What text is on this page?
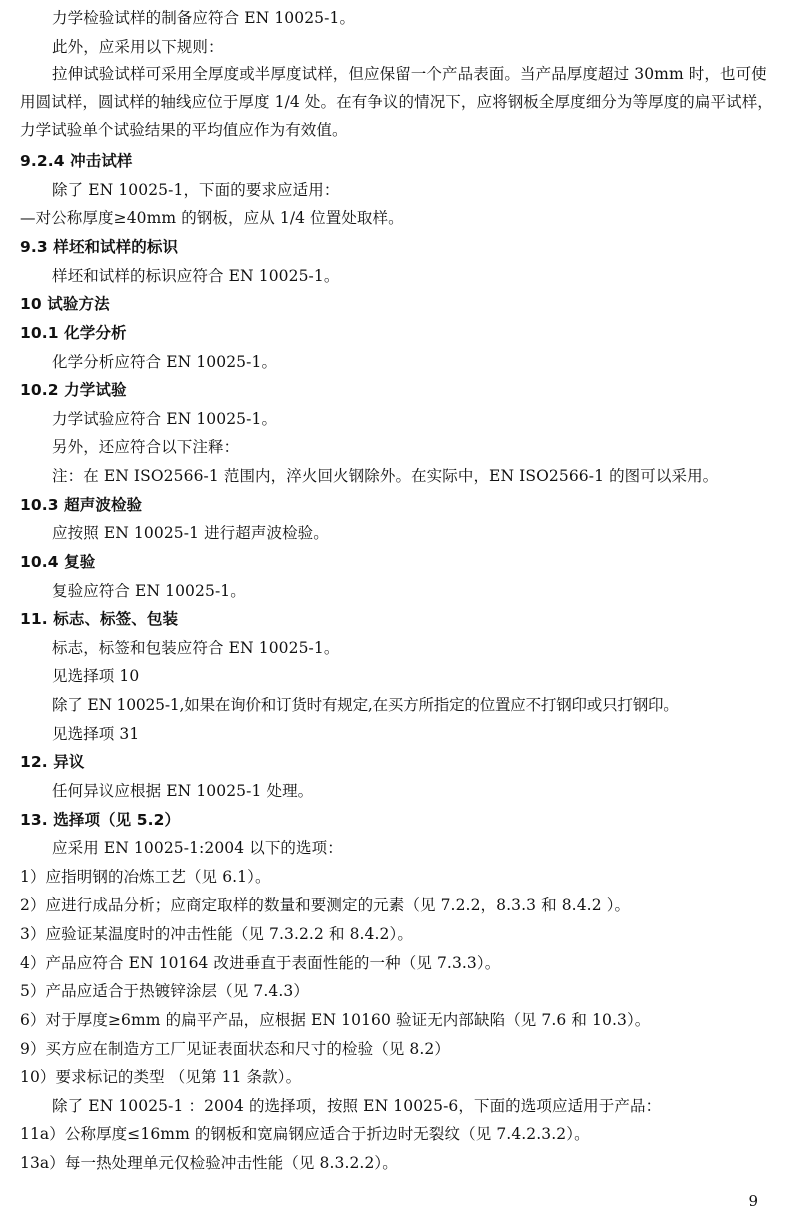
力学检验试样的制备应符合 EN 10025-1。
此外，应采用以下规则：
拉伸试验试样可采用全厚度或半厚度试样，但应保留一个产品表面。当产品厚度超过 30mm 时，也可使用圆试样，圆试样的轴线应位于厚度 1/4 处。在有争议的情况下，应将钢板全厚度细分为等厚度的扁平试样，力学试验单个试验结果的平均值应作为有效值。
9.2.4 冲击试样
除了 EN 10025-1，下面的要求应适用：
—对公称厚度≥40mm 的钢板，应从 1/4 位置处取样。
9.3 样坯和试样的标识
样坯和试样的标识应符合 EN 10025-1。
10 试验方法
10.1 化学分析
化学分析应符合 EN 10025-1。
10.2 力学试验
力学试验应符合 EN 10025-1。
另外，还应符合以下注释：
注：在 EN ISO2566-1 范围内，淬火回火钢除外。在实际中，EN ISO2566-1 的图可以采用。
10.3 超声波检验
应按照 EN 10025-1 进行超声波检验。
10.4 复验
复验应符合 EN 10025-1。
11. 标志、标签、包装
标志，标签和包装应符合 EN 10025-1。
见选择项 10
除了 EN 10025-1,如果在询价和订货时有规定,在买方所指定的位置应不打钢印或只打钢印。
见选择项 31
12. 异议
任何异议应根据 EN 10025-1 处理。
13. 选择项（见 5.2）
应采用 EN 10025-1:2004 以下的选项：
1）应指明钢的冶炼工艺（见 6.1）。
2）应进行成品分析；应商定取样的数量和要测定的元素（见 7.2.2，8.3.3 和 8.4.2 ）。
3）应验证某温度时的冲击性能（见 7.3.2.2 和 8.4.2）。
4）产品应符合 EN 10164 改进垂直于表面性能的一种（见 7.3.3）。
5）产品应适合于热镀锌涂层（见 7.4.3）
6）对于厚度≥6mm 的扁平产品，应根据 EN 10160 验证无内部缺陷（见 7.6 和 10.3）。
9）买方应在制造方工厂见证表面状态和尺寸的检验（见 8.2）
10）要求标记的类型 （见第 11 条款）。
除了 EN 10025-1 ：2004 的选择项，按照 EN 10025-6，下面的选项应适用于产品：
11a）公称厚度≤16mm 的钢板和宽扁钢应适合于折边时无裂纹（见 7.4.2.3.2）。
13a）每一热处理单元仅检验冲击性能（见 8.3.2.2）。
9
